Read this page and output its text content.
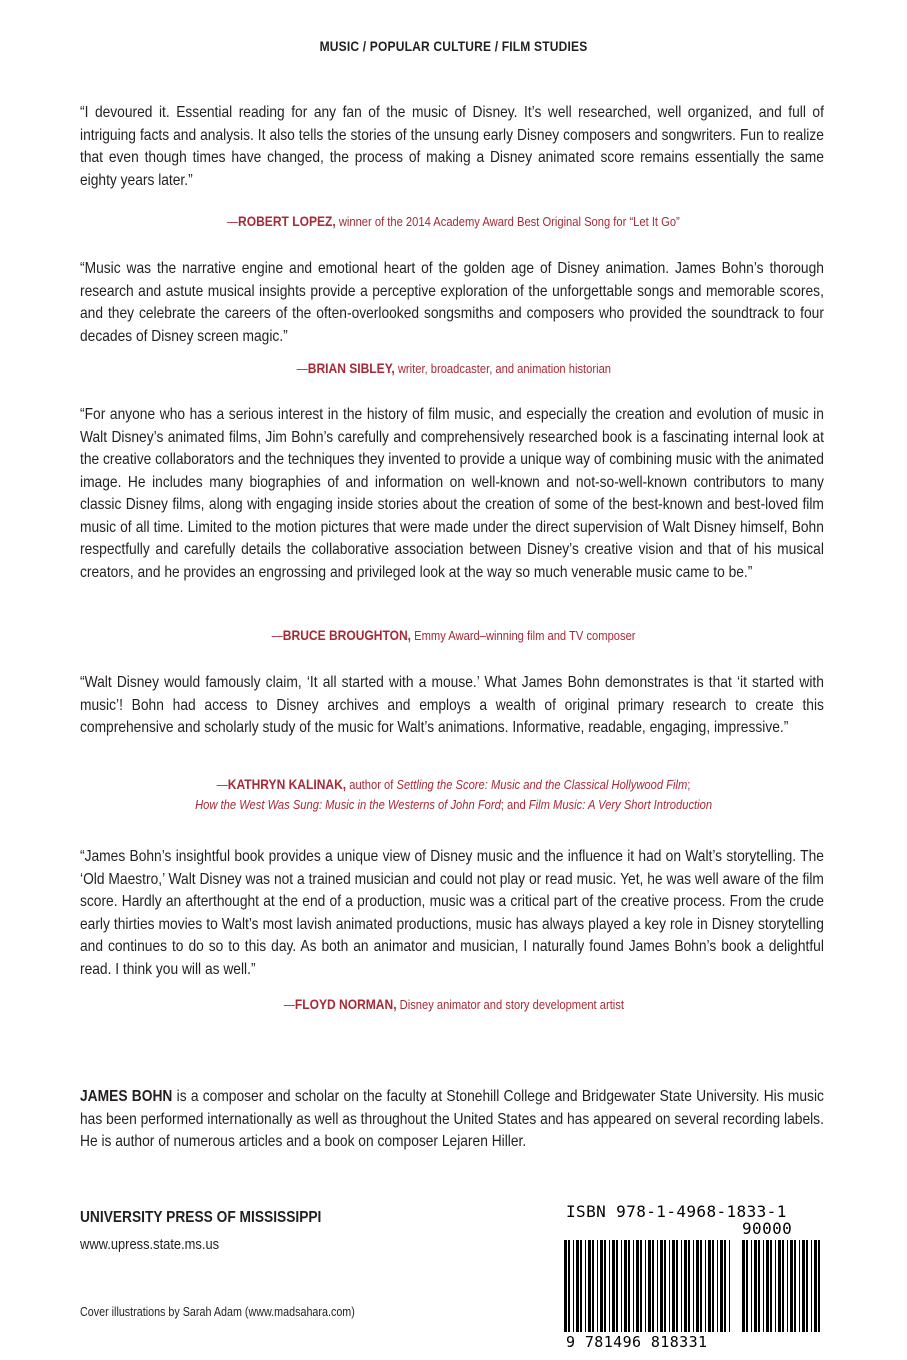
MUSIC / POPULAR CULTURE / FILM STUDIES

“I devoured it. Essential reading for any fan of the music of Disney. It’s well researched, well organized, and full of intriguing facts and analysis. It also tells the stories of the unsung early Disney composers and songwriters. Fun to realize that even though times have changed, the process of making a Disney animated score remains essentially the same eighty years later.”

—ROBERT LOPEZ, winner of the 2014 Academy Award Best Original Song for “Let It Go”

“Music was the narrative engine and emotional heart of the golden age of Disney animation. James Bohn’s thorough research and astute musical insights provide a perceptive exploration of the unforgettable songs and memorable scores, and they celebrate the careers of the often-overlooked songsmiths and composers who provided the soundtrack to four decades of Disney screen magic.”

—BRIAN SIBLEY, writer, broadcaster, and animation historian

“For anyone who has a serious interest in the history of film music, and especially the creation and evolution of music in Walt Disney’s animated films, Jim Bohn’s carefully and comprehensively researched book is a fascinating internal look at the creative collaborators and the techniques they invented to provide a unique way of combining music with the animated image. He includes many biographies of and information on well-known and not-so-well-known contributors to many classic Disney films, along with engaging inside stories about the creation of some of the best-known and best-loved film music of all time. Limited to the motion pictures that were made under the direct supervision of Walt Disney himself, Bohn respectfully and carefully details the collaborative association between Disney’s creative vision and that of his musical creators, and he provides an engrossing and privileged look at the way so much venerable music came to be.”

—BRUCE BROUGHTON, Emmy Award–winning film and TV composer

“Walt Disney would famously claim, ‘It all started with a mouse.’ What James Bohn demonstrates is that ‘it started with music’! Bohn had access to Disney archives and employs a wealth of original primary research to create this comprehensive and scholarly study of the music for Walt’s animations. Informative, readable, engaging, impressive.”

—KATHRYN KALINAK, author of Settling the Score: Music and the Classical Hollywood Film;
How the West Was Sung: Music in the Westerns of John Ford; and Film Music: A Very Short Introduction

“James Bohn’s insightful book provides a unique view of Disney music and the influence it had on Walt’s storytelling. The ‘Old Maestro,’ Walt Disney was not a trained musician and could not play or read music. Yet, he was well aware of the film score. Hardly an afterthought at the end of a production, music was a critical part of the creative process. From the crude early thirties movies to Walt’s most lavish animated productions, music has always played a key role in Disney storytelling and continues to do so to this day. As both an animator and musician, I naturally found James Bohn’s book a delightful read. I think you will as well.”

—FLOYD NORMAN, Disney animator and story development artist
JAMES BOHN is a composer and scholar on the faculty at Stonehill College and Bridgewater State University. His music has been performed internationally as well as throughout the United States and has appeared on several recording labels. He is author of numerous articles and a book on composer Lejaren Hiller.
UNIVERSITY PRESS OF MISSISSIPPI
www.upress.state.ms.us
Cover illustrations by Sarah Adam (www.madsahara.com)
ISBN 978-1-4968-1833-1
90000
9 781496 818331
